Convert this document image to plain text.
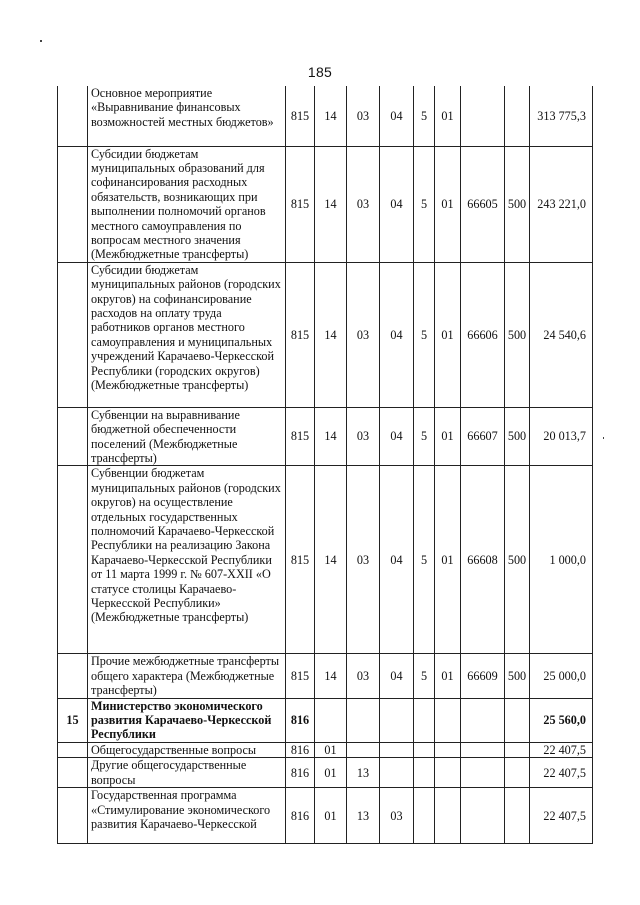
185
	Основное мероприятие «Выравнивание финансовых возможностей местных бюджетов»	815	14	03	04	5	01			313 775,3
	Субсидии бюджетам муниципальных образований для софинансирования расходных обязательств, возникающих при выполнении полномочий органов местного самоуправления по вопросам местного значения (Межбюджетные трансферты)	815	14	03	04	5	01	66605	500	243 221,0
	Субсидии бюджетам муниципальных районов (городских округов) на софинансирование расходов на оплату труда работников органов местного самоуправления и муниципальных учреждений Карачаево-Черкесской Республики (городских округов) (Межбюджетные трансферты)	815	14	03	04	5	01	66606	500	24 540,6
	Субвенции на выравнивание бюджетной обеспеченности поселений (Межбюджетные трансферты)	815	14	03	04	5	01	66607	500	20 013,7
	Субвенции бюджетам муниципальных районов (городских округов) на осуществление отдельных государственных полномочий Карачаево-Черкесской Республики на реализацию Закона Карачаево-Черкесской Республики от 11 марта 1999 г. № 607-XXII «О статусе столицы Карачаево-Черкесской Республики» (Межбюджетные трансферты)	815	14	03	04	5	01	66608	500	1 000,0
	Прочие межбюджетные трансферты общего характера (Межбюджетные трансферты)	815	14	03	04	5	01	66609	500	25 000,0
15	Министерство экономического развития Карачаево-Черкесской Республики	816								25 560,0
	Общегосударственные вопросы	816	01							22 407,5
	Другие общегосударственные вопросы	816	01	13						22 407,5
	Государственная программа «Стимулирование экономического развития Карачаево-Черкесской	816	01	13	03					22 407,5
